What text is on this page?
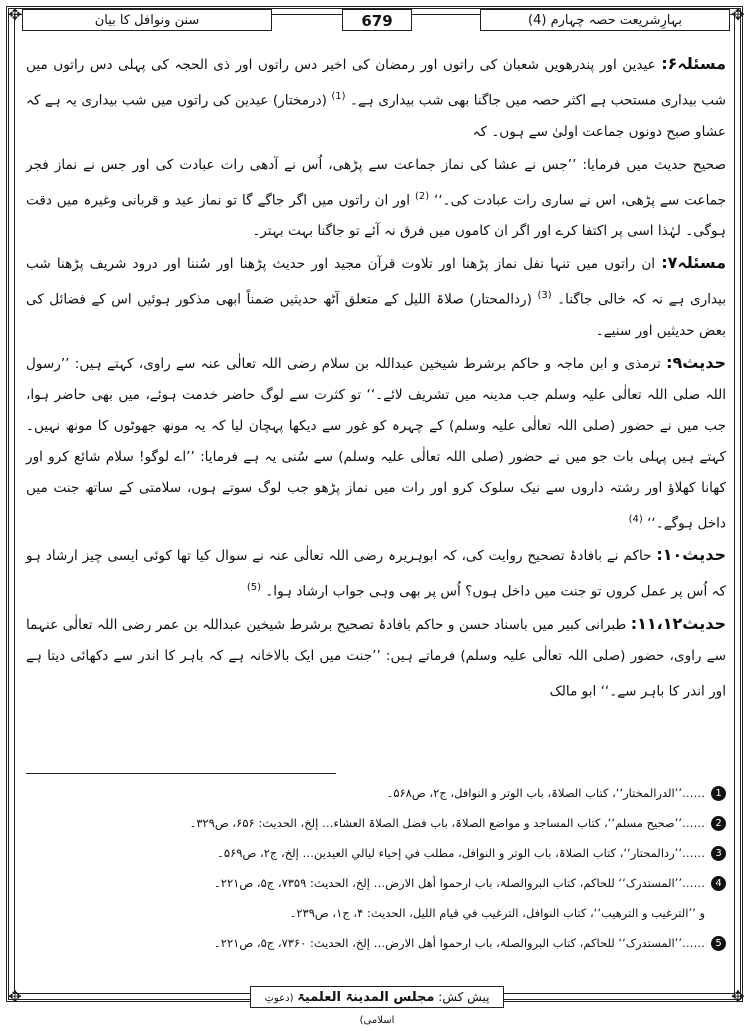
✥	✥
✥	✥
بہارِشریعت حصہ چہارم (4)
679
سنن ونوافل کا بیان

مسئلہ۶: عیدین اور پندرھویں شعبان کی راتوں اور رمضان کی اخیر دس راتوں اور ذی الحجہ کی پہلی دس راتوں میں شب بیداری مستحب ہے اکثر حصہ میں جاگنا بھی شب بیداری ہے۔ $^{(1)}$ (درمختار) عیدین کی راتوں میں شب بیداری یہ ہے کہ عشاو صبح دونوں جماعت اولیٰ سے ہوں۔ کہ

صحیح حدیث میں فرمایا: ’’جس نے عشا کی نماز جماعت سے پڑھی، اُس نے آدھی رات عبادت کی اور جس نے نماز فجر جماعت سے پڑھی، اس نے ساری رات عبادت کی۔‘‘ $^{(2)}$ اور ان راتوں میں اگر جاگے گا تو نماز عید و قربانی وغیرہ میں دقت ہوگی۔ لہٰذا اسی پر اکتفا کرے اور اگر ان کاموں میں فرق نہ آئے تو جاگنا بہت بہتر۔

مسئلہ۷: ان راتوں میں تنہا نفل نماز پڑھنا اور تلاوت قرآن مجید اور حدیث پڑھنا اور سُننا اور درود شریف پڑھنا شب بیداری ہے نہ کہ خالی جاگنا۔ $^{(3)}$ (ردالمحتار) صلاۃ اللیل کے متعلق آٹھ حدیثیں ضمناً ابھی مذکور ہوئیں اس کے فضائل کی بعض حدیثیں اور سنیے۔

حدیث۹: ترمذی و ابن ماجہ و حاکم برشرط شیخین عبداللہ بن سلام رضی اللہ تعالٰی عنہ سے راوی، کہتے ہیں: ’’رسول اللہ صلی اللہ تعالٰی علیہ وسلم جب مدینہ میں تشریف لائے۔‘‘ تو کثرت سے لوگ حاضر خدمت ہوئے، میں بھی حاضر ہوا، جب میں نے حضور (صلی اللہ تعالٰی علیہ وسلم) کے چہرہ کو غور سے دیکھا پہچان لیا کہ یہ مونھ جھوٹوں کا مونھ نہیں۔ کہتے ہیں پہلی بات جو میں نے حضور (صلی اللہ تعالٰی علیہ وسلم) سے سُنی یہ ہے فرمایا: ’’اے لوگو! سلام شائع کرو اور کھانا کھلاؤ اور رشتہ داروں سے نیک سلوک کرو اور رات میں نماز پڑھو جب لوگ سوتے ہوں، سلامتی کے ساتھ جنت میں داخل ہوگے۔‘‘ $^{(4)}$

حدیث۱۰: حاکم نے بافادۂ تصحیح روایت کی، کہ ابوہریرہ رضی اللہ تعالٰی عنہ نے سوال کیا تھا کوئی ایسی چیز ارشاد ہو کہ اُس پر عمل کروں تو جنت میں داخل ہوں؟ اُس پر بھی وہی جواب ارشاد ہوا۔ $^{(5)}$

حدیث۱۱،۱۲: طبرانی کبیر میں باسناد حسن و حاکم بافادۂ تصحیح برشرط شیخین عبداللہ بن عمر رضی اللہ تعالٰی عنہما سے راوی، حضور (صلی اللہ تعالٰی علیہ وسلم) فرماتے ہیں: ’’جنت میں ایک بالاخانہ ہے کہ باہر کا اندر سے دکھائی دیتا ہے اور اندر کا باہر سے۔‘‘ ابو مالک

1
……’’الدرالمختار‘‘، کتاب الصلاۃ، باب الوتر و النوافل، ج۲، ص۵۶۸۔
2
……’’صحیح مسلم‘‘، کتاب المساجد و مواضع الصلاۃ، باب فضل الصلاۃ العشاء… إلخ، الحدیث: ۶۵۶، ص۳۲۹۔
3
……’’ردالمحتار‘‘، کتاب الصلاۃ، باب الوتر و النوافل، مطلب في إحیاء لیالي العیدین… إلخ، ج۲، ص۵۶۹۔
4
……’’المستدرک‘‘ للحاکم، کتاب البروالصلۃ، باب ارحموا أھل الارض… إلخ، الحدیث: ۷۳۵۹، ج۵، ص۲۲۱۔
و ’’الترغیب و الترھیب‘‘، کتاب النوافل، الترغیب في قیام اللیل، الحدیث: ۴، ج۱، ص۲۳۹۔
5
……’’المستدرک‘‘ للحاکم، کتاب البروالصلۃ، باب ارحموا أھل الارض… إلخ، الحدیث: ۷۳۶۰، ج۵، ص۲۲۱۔
پیش کش: مجلس المدینۃ العلمیۃ (دعوتِ اسلامی)
